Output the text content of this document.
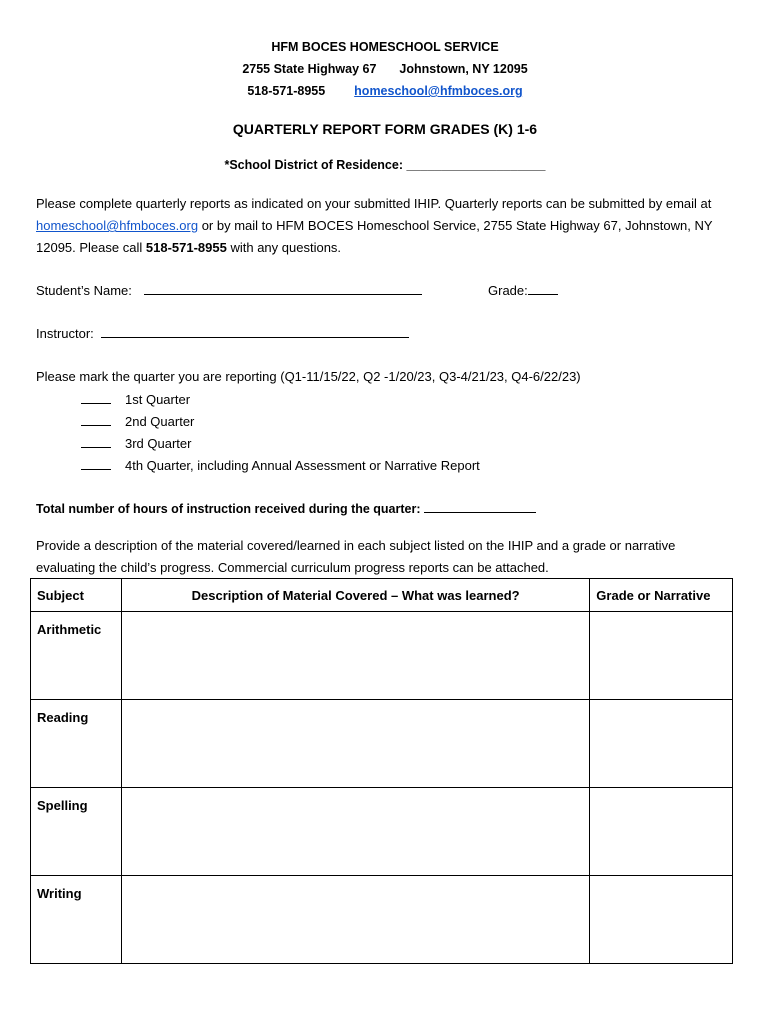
HFM BOCES HOMESCHOOL SERVICE
2755 State Highway 67 Johnstown, NY 12095
518-571-8955 homeschool@hfmboces.org
QUARTERLY REPORT FORM GRADES (K) 1-6
*School District of Residence: ____________________
Please complete quarterly reports as indicated on your submitted IHIP. Quarterly reports can be submitted by email at homeschool@hfmboces.org or by mail to HFM BOCES Homeschool Service, 2755 State Highway 67, Johnstown, NY 12095. Please call 518-571-8955 with any questions.
Student’s Name:	Grade:
Instructor:
Please mark the quarter you are reporting (Q1-11/15/22, Q2 -1/20/23, Q3-4/21/23, Q4-6/22/23)
1st Quarter
2nd Quarter
3rd Quarter
4th Quarter, including Annual Assessment or Narrative Report
Total number of hours of instruction received during the quarter:
Provide a description of the material covered/learned in each subject listed on the IHIP and a grade or narrative evaluating the child’s progress. Commercial curriculum progress reports can be attached.
Subject	Description of Material Covered – What was learned?	Grade or Narrative
Arithmetic		
Reading		
Spelling		
Writing		
